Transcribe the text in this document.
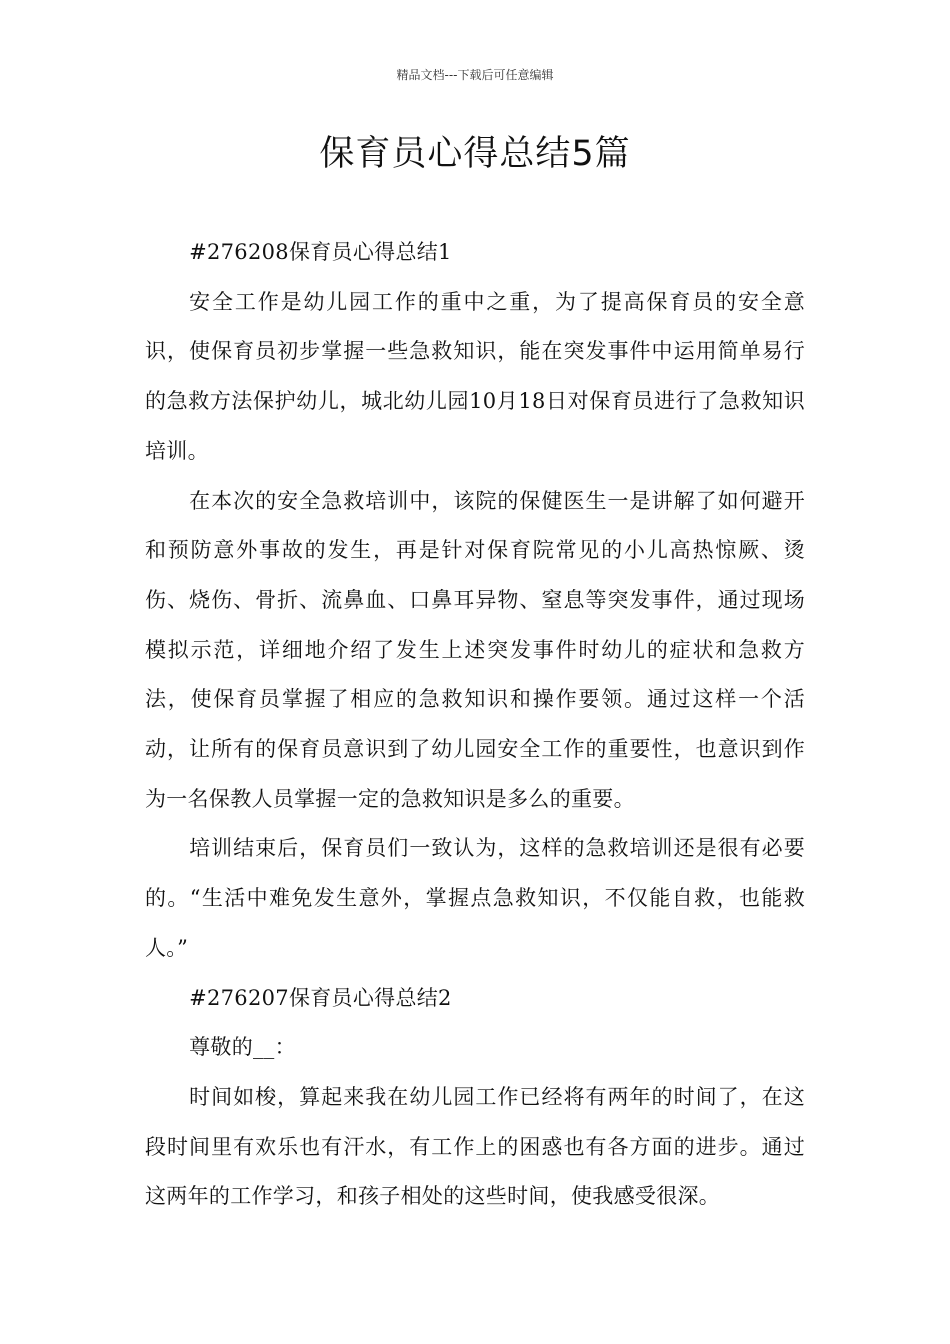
精品文档---下载后可任意编辑
保育员心得总结5篇

#276208保育员心得总结1

安全工作是幼儿园工作的重中之重，为了提高保育员的安全意识，使保育员初步掌握一些急救知识，能在突发事件中运用简单易行的急救方法保护幼儿，城北幼儿园10月18日对保育员进行了急救知识培训。

在本次的安全急救培训中，该院的保健医生一是讲解了如何避开和预防意外事故的发生，再是针对保育院常见的小儿高热惊厥、烫伤、烧伤、骨折、流鼻血、口鼻耳异物、窒息等突发事件，通过现场模拟示范，详细地介绍了发生上述突发事件时幼儿的症状和急救方法，使保育员掌握了相应的急救知识和操作要领。通过这样一个活动，让所有的保育员意识到了幼儿园安全工作的重要性，也意识到作为一名保教人员掌握一定的急救知识是多么的重要。

培训结束后，保育员们一致认为，这样的急救培训还是很有必要的。“生活中难免发生意外，掌握点急救知识，不仅能自救，也能救人。”

#276207保育员心得总结2

尊敬的__：

时间如梭，算起来我在幼儿园工作已经将有两年的时间了，在这段时间里有欢乐也有汗水，有工作上的困惑也有各方面的进步。通过这两年的工作学习，和孩子相处的这些时间，使我感受很深。
